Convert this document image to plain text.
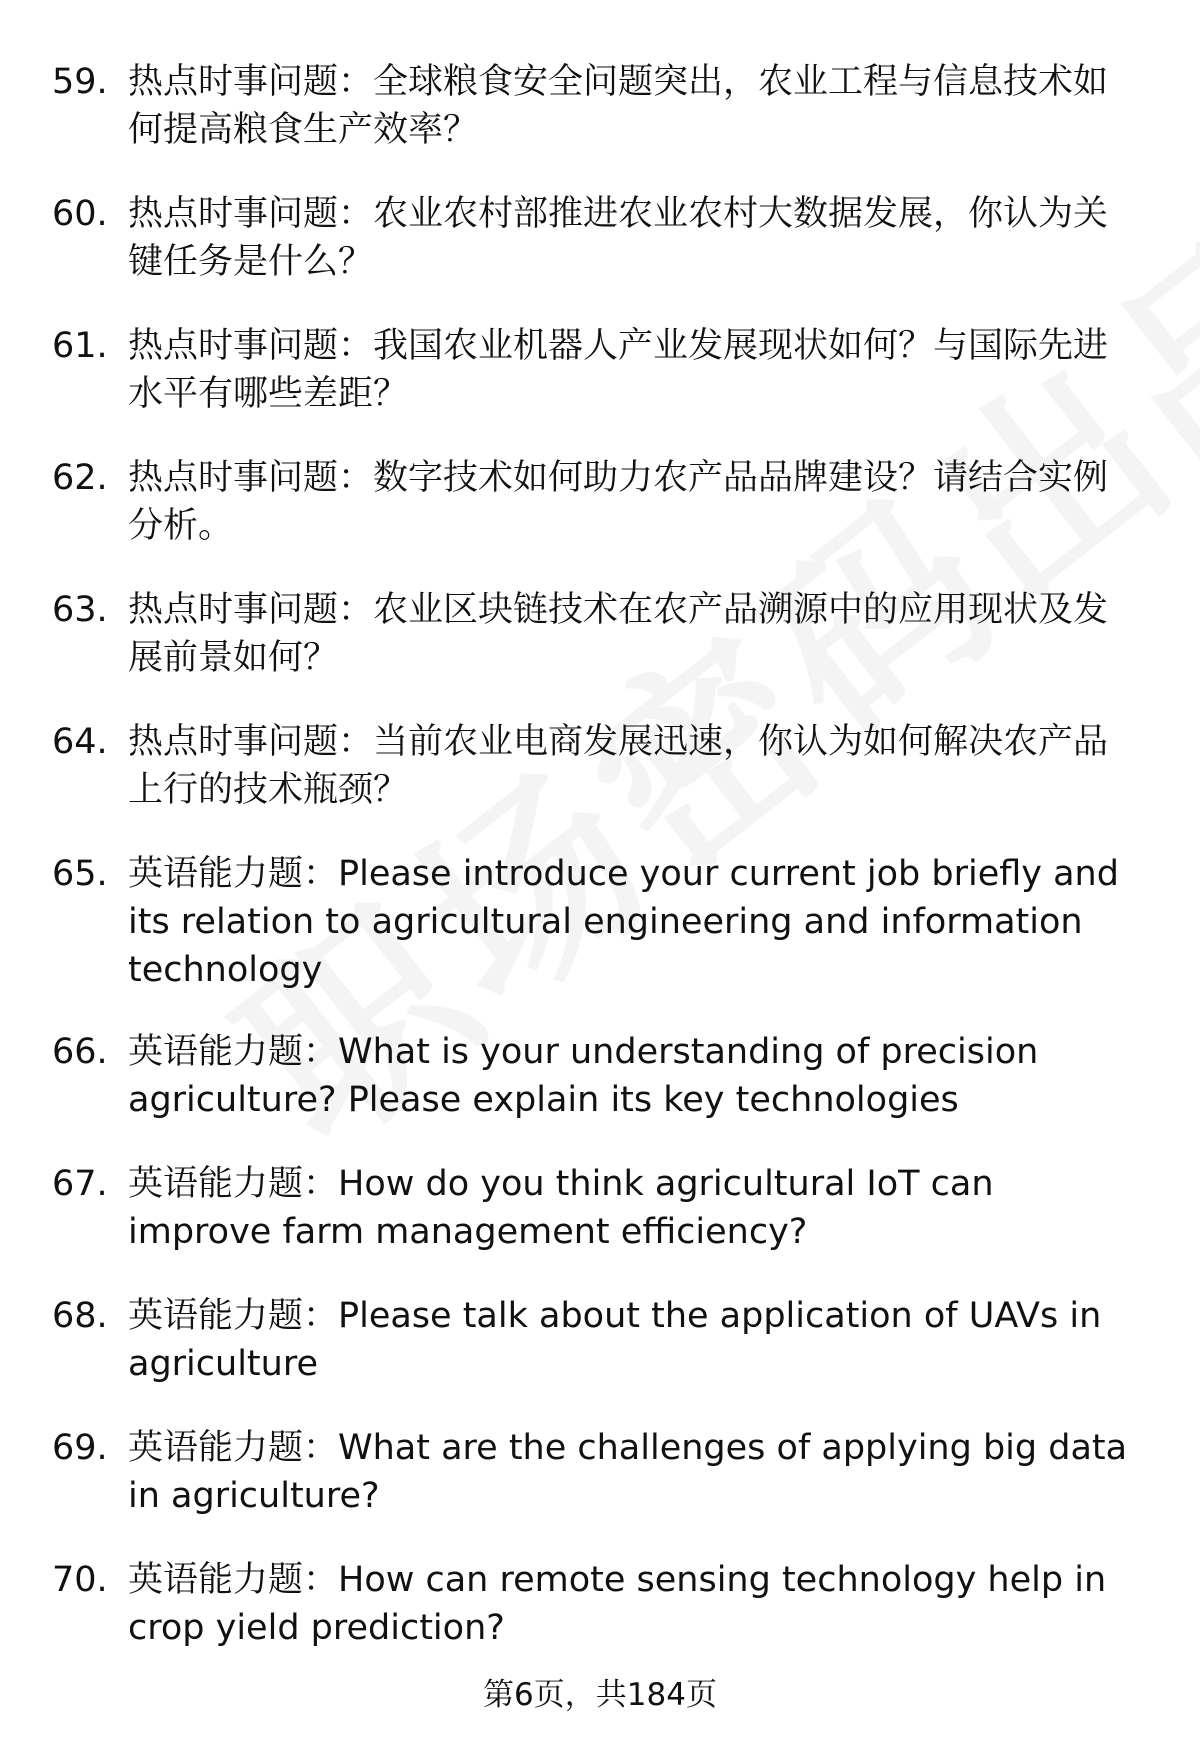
59. 热点时事问题：全球粮食安全问题突出，农业工程与信息技术如何提高粮食生产效率？
60. 热点时事问题：农业农村部推进农业农村大数据发展，你认为关键任务是什么？
61. 热点时事问题：我国农业机器人产业发展现状如何？与国际先进水平有哪些差距？
62. 热点时事问题：数字技术如何助力农产品品牌建设？请结合实例分析。
63. 热点时事问题：农业区块链技术在农产品溯源中的应用现状及发展前景如何？
64. 热点时事问题：当前农业电商发展迅速，你认为如何解决农产品上行的技术瓶颈？
65. 英语能力题：Please introduce your current job briefly and its relation to agricultural engineering and information technology
66. 英语能力题：What is your understanding of precision agriculture? Please explain its key technologies
67. 英语能力题：How do you think agricultural IoT can improve farm management efficiency?
68. 英语能力题：Please talk about the application of UAVs in agriculture
69. 英语能力题：What are the challenges of applying big data in agriculture?
70. 英语能力题：How can remote sensing technology help in crop yield prediction?
第6页，共184页
